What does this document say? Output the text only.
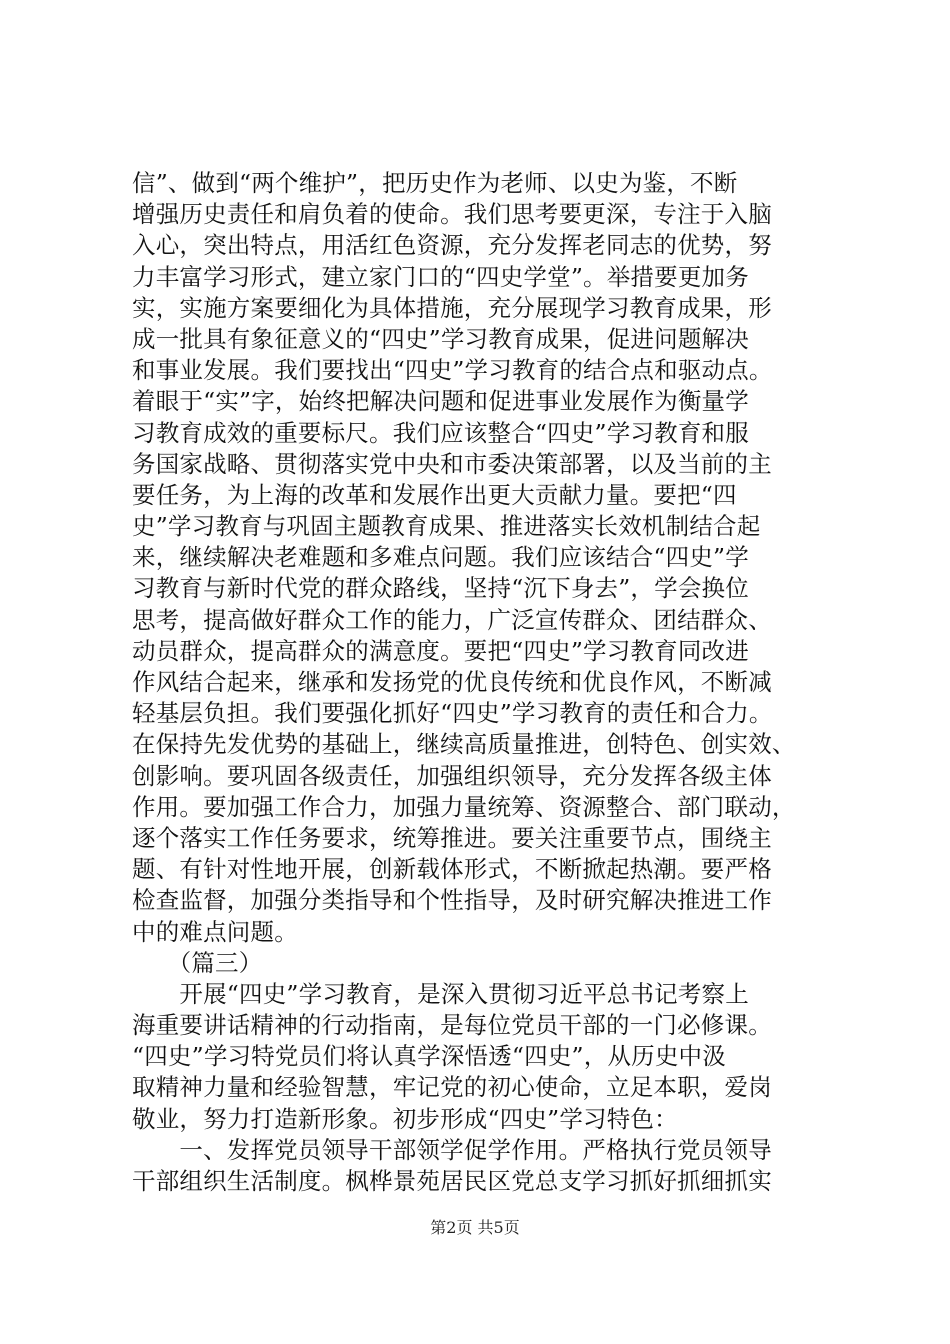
信”、做到“两个维护”，把历史作为老师、以史为鉴，不断
增强历史责任和肩负着的使命。我们思考要更深，专注于入脑
入心，突出特点，用活红色资源，充分发挥老同志的优势，努
力丰富学习形式，建立家门口的“四史学堂”。举措要更加务
实，实施方案要细化为具体措施，充分展现学习教育成果，形
成一批具有象征意义的“四史”学习教育成果，促进问题解决
和事业发展。我们要找出“四史”学习教育的结合点和驱动点。
着眼于“实”字，始终把解决问题和促进事业发展作为衡量学
习教育成效的重要标尺。我们应该整合“四史”学习教育和服
务国家战略、贯彻落实党中央和市委决策部署，以及当前的主
要任务，为上海的改革和发展作出更大贡献力量。要把“四
史”学习教育与巩固主题教育成果、推进落实长效机制结合起
来，继续解决老难题和多难点问题。我们应该结合“四史”学
习教育与新时代党的群众路线，坚持“沉下身去”，学会换位
思考，提高做好群众工作的能力，广泛宣传群众、团结群众、
动员群众，提高群众的满意度。要把“四史”学习教育同改进
作风结合起来，继承和发扬党的优良传统和优良作风，不断减
轻基层负担。我们要强化抓好“四史”学习教育的责任和合力。
在保持先发优势的基础上，继续高质量推进，创特色、创实效、
创影响。要巩固各级责任，加强组织领导，充分发挥各级主体
作用。要加强工作合力，加强力量统筹、资源整合、部门联动，
逐个落实工作任务要求，统筹推进。要关注重要节点，围绕主
题、有针对性地开展，创新载体形式，不断掀起热潮。要严格
检查监督，加强分类指导和个性指导，及时研究解决推进工作
中的难点问题。
　　（篇三）
　　开展“四史”学习教育，是深入贯彻习近平总书记考察上
海重要讲话精神的行动指南，是每位党员干部的一门必修课。
“四史”学习特党员们将认真学深悟透“四史”，从历史中汲
取精神力量和经验智慧，牢记党的初心使命，立足本职，爱岗
敬业，努力打造新形象。初步形成“四史”学习特色：
　　一、发挥党员领导干部领学促学作用。严格执行党员领导
干部组织生活制度。枫桦景苑居民区党总支学习抓好抓细抓实
第2页 共5页
